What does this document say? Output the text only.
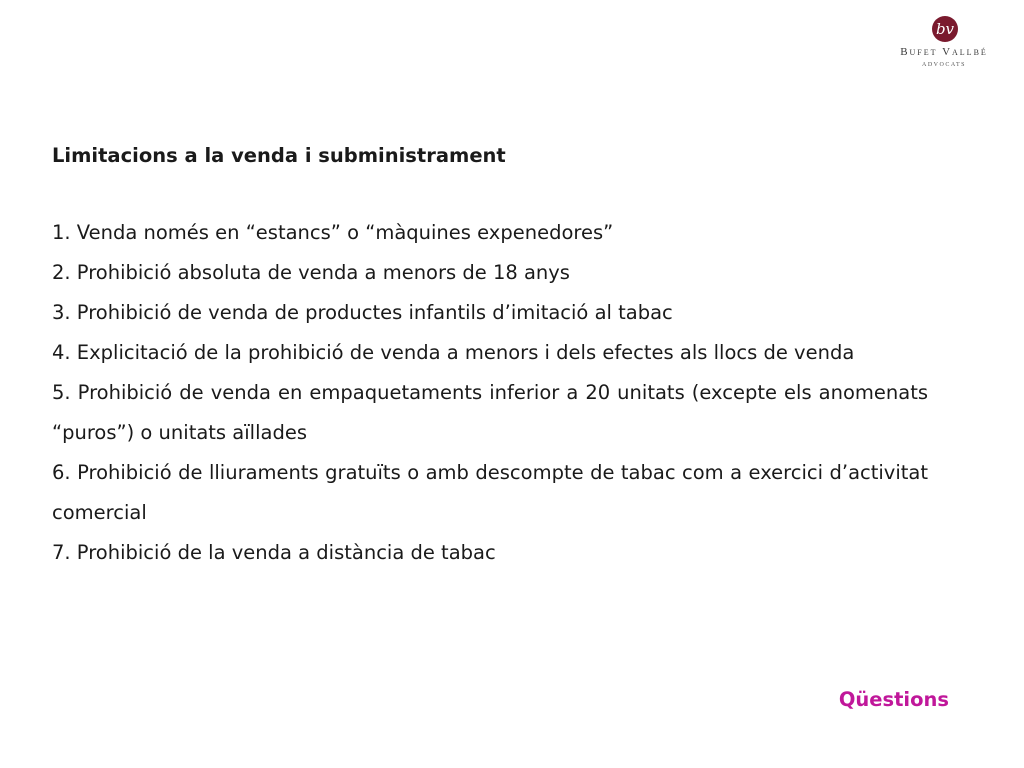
bv
Bufet Vallbé
ADVOCATS

Limitacions a la venda i subministrament

1. Venda només en “estancs” o “màquines expenedores”

2. Prohibició absoluta de venda a menors de 18 anys

3. Prohibició de venda de productes infantils d’imitació al tabac

4. Explicitació de la prohibició de venda a menors i dels efectes als llocs de venda

5. Prohibició de venda en empaquetaments inferior a 20 unitats (excepte els anomenats “puros”) o unitats aïllades

6. Prohibició de lliuraments gratuïts o amb descompte de tabac com a exercici d’activitat comercial

7. Prohibició de la venda a distància de tabac

Qüestions
